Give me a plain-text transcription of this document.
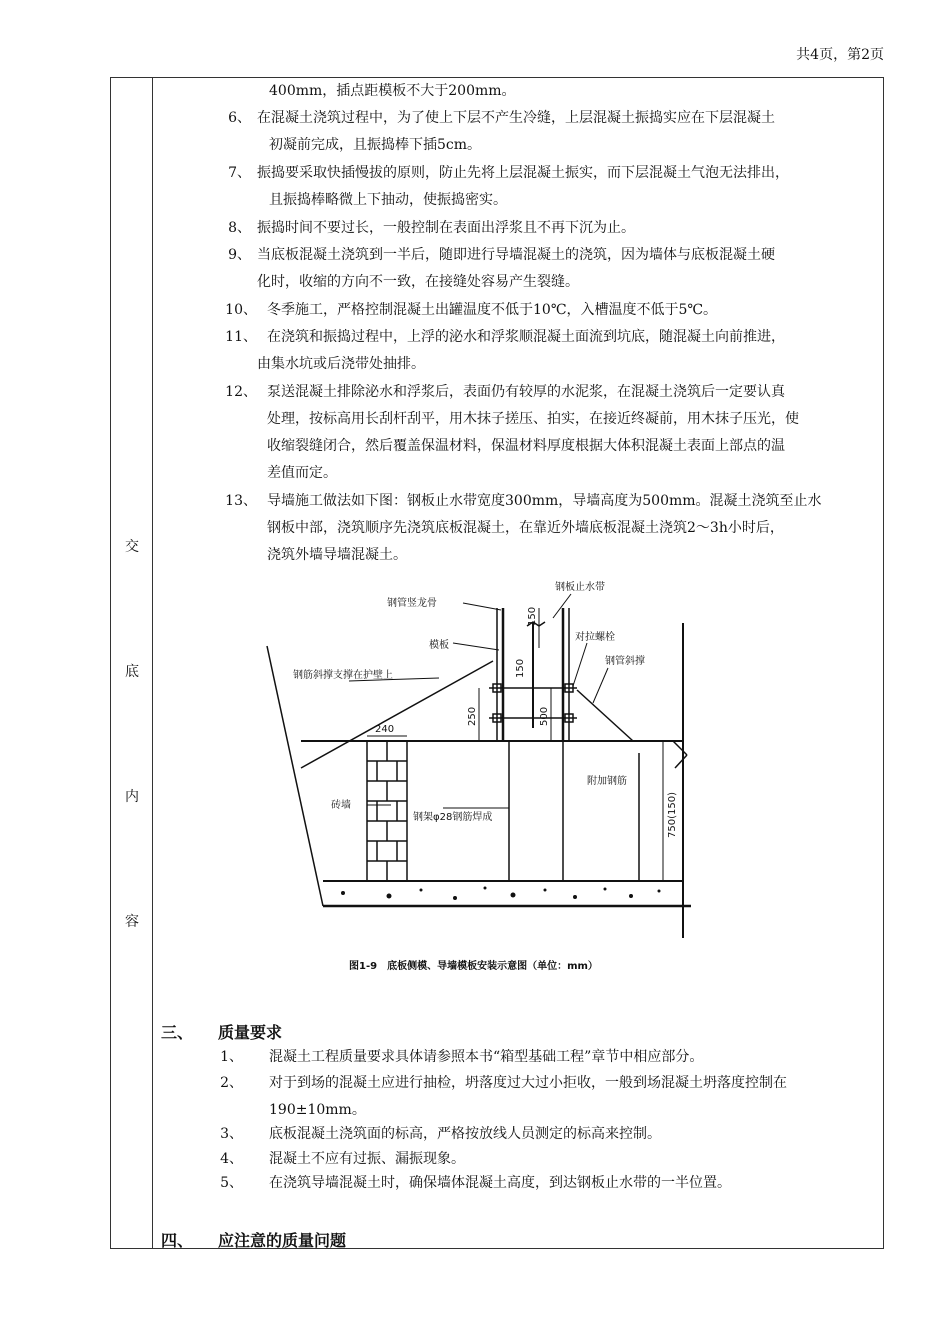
共4页，第2页
交
底
内
容
400mm，插点距模板不大于200mm。
6、 在混凝土浇筑过程中，为了使上下层不产生冷缝，上层混凝土振捣实应在下层混凝土
初凝前完成，且振捣棒下插5cm。
7、 振捣要采取快插慢拔的原则，防止先将上层混凝土振实，而下层混凝土气泡无法排出，
且振捣棒略微上下抽动，使振捣密实。
8、 振捣时间不要过长，一般控制在表面出浮浆且不再下沉为止。
9、 当底板混凝土浇筑到一半后，随即进行导墙混凝土的浇筑，因为墙体与底板混凝土硬
化时，收缩的方向不一致，在接缝处容易产生裂缝。
10、 冬季施工，严格控制混凝土出罐温度不低于10℃，入槽温度不低于5℃。
11、 在浇筑和振捣过程中，上浮的泌水和浮浆顺混凝土面流到坑底，随混凝土向前推进，
由集水坑或后浇带处抽排。
12、 泵送混凝土排除泌水和浮浆后，表面仍有较厚的水泥浆，在混凝土浇筑后一定要认真
处理，按标高用长刮杆刮平，用木抹子搓压、拍实，在接近终凝前，用木抹子压光，使
收缩裂缝闭合，然后覆盖保温材料，保温材料厚度根据大体积混凝土表面上部点的温
差值而定。
13、 导墙施工做法如下图：钢板止水带宽度300mm，导墙高度为500mm。混凝土浇筑至止水
钢板中部，浇筑顺序先浇筑底板混凝土，在靠近外墙底板混凝土浇筑2～3h小时后，
浇筑外墙导墙混凝土。
钢管竖龙骨
钢板止水带
模板
对拉螺栓
钢筋斜撑支撑在护壁上
钢管斜撑
砖墙
钢架φ28钢筋焊成
附加钢筋
240
150
150
250	500
750(150)
图1-9　底板侧模、导墙模板安装示意图（单位：mm）
三、 质量要求
1、 混凝土工程质量要求具体请参照本书“箱型基础工程”章节中相应部分。
2、 对于到场的混凝土应进行抽检，坍落度过大过小拒收，一般到场混凝土坍落度控制在
190±10mm。
3、 底板混凝土浇筑面的标高，严格按放线人员测定的标高来控制。
4、 混凝土不应有过振、漏振现象。
5、 在浇筑导墙混凝土时，确保墙体混凝土高度，到达钢板止水带的一半位置。
四、 应注意的质量问题
